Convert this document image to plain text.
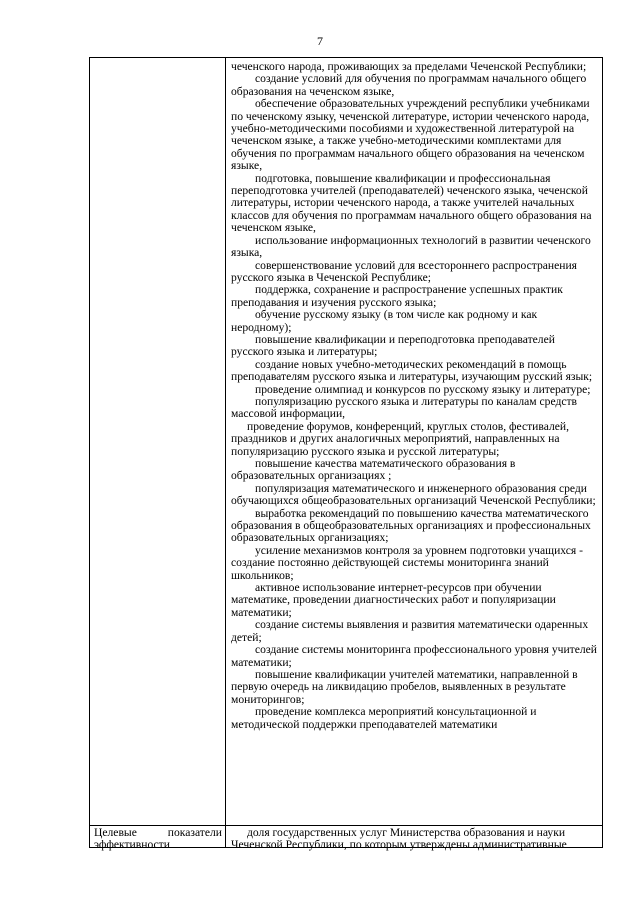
7

чеченского народа, проживающих за пределами Чеченской Республики;

создание условий для обучения по программам начального общего образования на чеченском языке,

обеспечение образовательных учреждений республики учебниками по чеченскому языку, чеченской литературе, истории чеченского народа, учебно-методическими пособиями и художественной литературой на чеченском языке, а также учебно-методическими комплектами для обучения по программам начального общего образования на чеченском языке,

подготовка, повышение квалификации и профессиональная переподготовка учителей (преподавателей) чеченского языка, чеченской литературы, истории чеченского народа, а также учителей начальных классов для обучения по программам начального общего образования на чеченском языке,

использование информационных технологий в развитии чеченского языка,

совершенствование условий для всестороннего распространения русского языка в Чеченской Республике;

поддержка, сохранение и распространение успешных практик преподавания и изучения русского языка;

обучение русскому языку (в том числе как родному и как неродному);

повышение квалификации и переподготовка преподавателей русского языка и литературы;

создание новых учебно-методических рекомендаций в помощь преподавателям русского языка и литературы, изучающим русский язык;

проведение олимпиад и конкурсов по русскому языку и литературе;

популяризацию русского языка и литературы по каналам средств массовой информации,

проведение форумов, конференций, круглых столов, фестивалей, праздников и других аналогичных мероприятий, направленных на популяризацию русского языка и русской литературы;

повышение качества математического образования в образовательных организациях ;

популяризация математического и инженерного образования среди обучающихся общеобразовательных организаций Чеченской Республики;

выработка рекомендаций по повышению качества математического образования в общеобразовательных организациях и профессиональных образовательных организациях;

усиление механизмов контроля за уровнем подготовки учащихся - создание постоянно действующей системы мониторинга знаний школьников;

активное использование интернет-ресурсов при обучении математике, проведении диагностических работ и популяризации математики;

создание системы выявления и развития математически одаренных детей;

создание системы мониторинга профессионального уровня учителей математики;

повышение квалификации учителей математики, направленной в первую очередь на ликвидацию пробелов, выявленных в результате мониторингов;

проведение комплекса мероприятий консультационной и методической поддержки преподавателей математики

Целевые показатели
эффективности

доля государственных услуг Министерства образования и науки Чеченской Республики, по которым утверждены административные
